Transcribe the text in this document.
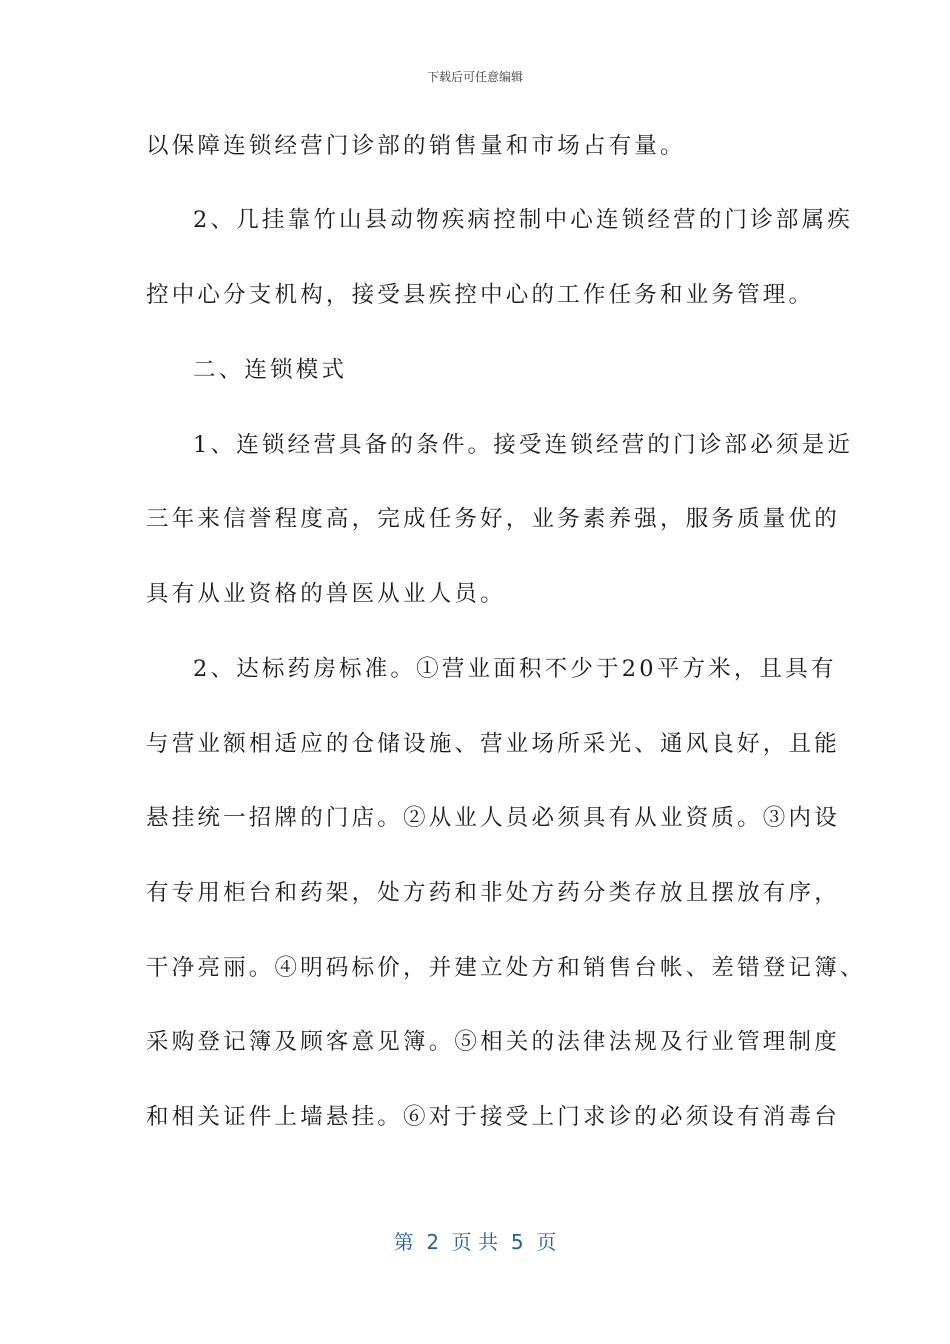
下载后可任意编辑
以保障连锁经营门诊部的销售量和市场占有量。
2、几挂靠竹山县动物疾病控制中心连锁经营的门诊部属疾
控中心分支机构，接受县疾控中心的工作任务和业务管理。
二、连锁模式
1、连锁经营具备的条件。接受连锁经营的门诊部必须是近
三年来信誉程度高，完成任务好，业务素养强，服务质量优的
具有从业资格的兽医从业人员。
2、达标药房标准。①营业面积不少于20平方米，且具有
与营业额相适应的仓储设施、营业场所采光、通风良好，且能
悬挂统一招牌的门店。②从业人员必须具有从业资质。③内设
有专用柜台和药架，处方药和非处方药分类存放且摆放有序，
干净亮丽。④明码标价，并建立处方和销售台帐、差错登记簿、
采购登记簿及顾客意见簿。⑤相关的法律法规及行业管理制度
和相关证件上墙悬挂。⑥对于接受上门求诊的必须设有消毒台
第  2  页 共  5  页
